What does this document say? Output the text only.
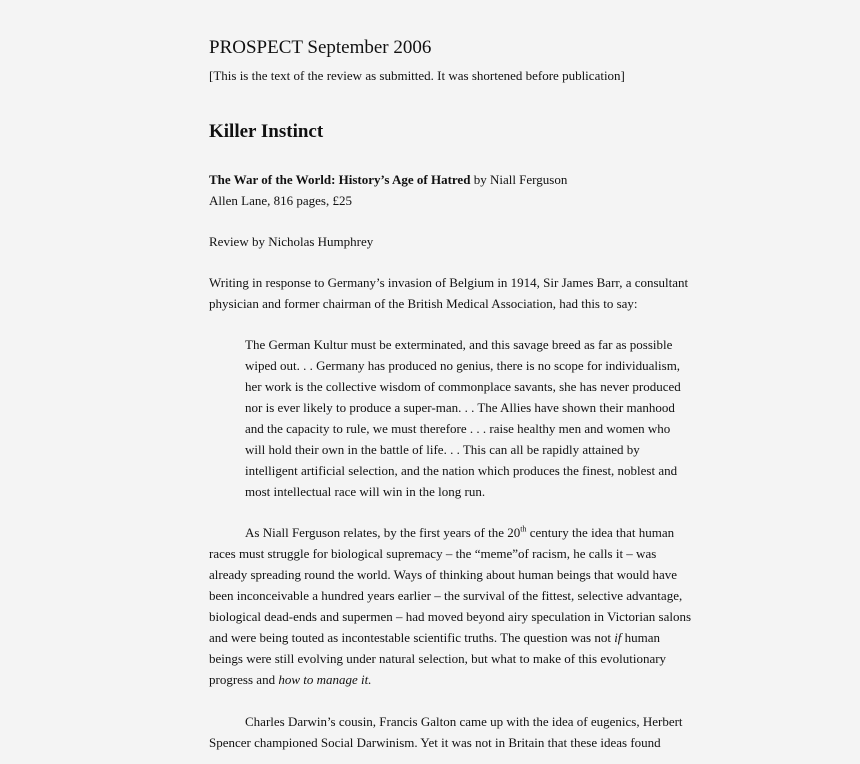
PROSPECT September 2006
[This is the text of the review as submitted. It was shortened before publication]
Killer Instinct
The War of the World: History’s Age of Hatred by Niall Ferguson
Allen Lane, 816 pages, £25
Review by Nicholas Humphrey
Writing in response to Germany’s invasion of Belgium in 1914, Sir James Barr, a consultant
physician and former chairman of the British Medical Association, had this to say:
The German Kultur must be exterminated, and this savage breed as far as possible
wiped out. . . Germany has produced no genius, there is no scope for individualism,
her work is the collective wisdom of commonplace savants, she has never produced
nor is ever likely to produce a super-man. . . The Allies have shown their manhood
and the capacity to rule, we must therefore . . . raise healthy men and women who
will hold their own in the battle of life. . . This can all be rapidly attained by
intelligent artificial selection, and the nation which produces the finest, noblest and
most intellectual race will win in the long run.
As Niall Ferguson relates, by the first years of the 20th century the idea that human
races must struggle for biological supremacy – the “meme”of racism, he calls it – was
already spreading round the world. Ways of thinking about human beings that would have
been inconceivable a hundred years earlier – the survival of the fittest, selective advantage,
biological dead-ends and supermen – had moved beyond airy speculation in Victorian salons
and were being touted as incontestable scientific truths. The question was not if human
beings were still evolving under natural selection, but what to make of this evolutionary
progress and how to manage it.
Charles Darwin’s cousin, Francis Galton came up with the idea of eugenics, Herbert
Spencer championed Social Darwinism. Yet it was not in Britain that these ideas found
